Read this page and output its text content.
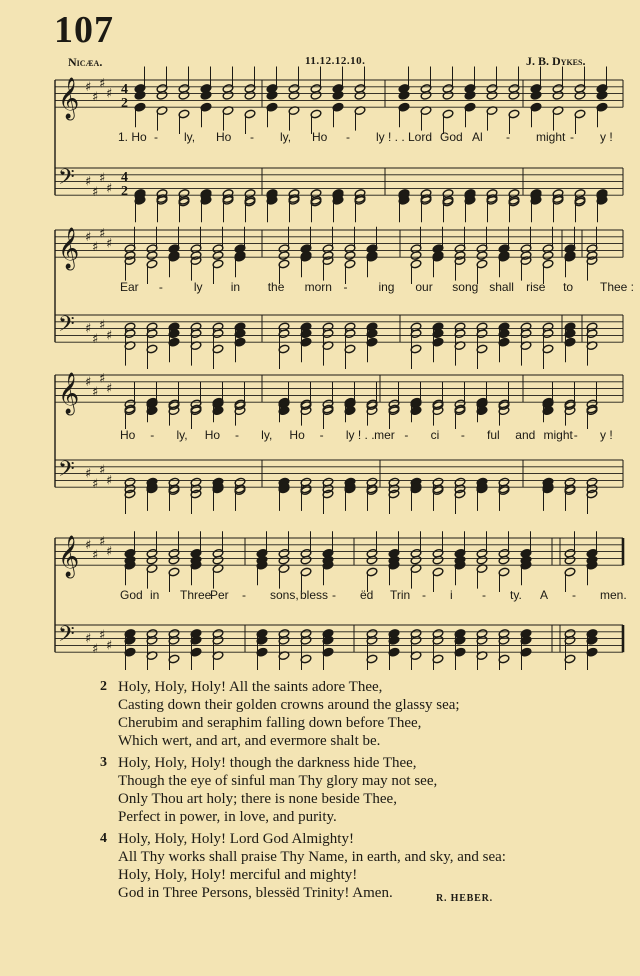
107
Nicæa.	11.12.12.10.	J. B. Dykes.
𝄞 ♯
♯
♯
♯ 4
2
𝄢 ♯
♯
♯
♯
4
2
𝄞 ♯
♯
♯
♯
𝄢 ♯
♯
♯
♯
𝄞 ♯
♯
♯
♯
𝄢 ♯
♯
♯
♯
𝄞 ♯
♯
♯
♯
𝄢 ♯
♯
♯
♯
1. Ho - ly, Ho - ly, Ho - ly ! . . Lord God Al - might - y !
Ear -	ly in the morn -	ing our song shall rise to Thee :
Ho - ly, Ho - ly, Ho - ly ! . . mer - ci - ful and might - y !
God in Three
Per - sons, bless - ëd Trin - i - ty. A - men.
2 Holy, Holy, Holy! All the saints adore Thee,
Casting down their golden crowns around the glassy sea;
Cherubim and seraphim falling down before Thee,
Which wert, and art, and evermore shalt be.
3 Holy, Holy, Holy! though the darkness hide Thee,
Though the eye of sinful man Thy glory may not see,
Only Thou art holy; there is none beside Thee,
Perfect in power, in love, and purity.
4 Holy, Holy, Holy! Lord God Almighty!
All Thy works shall praise Thy Name, in earth, and sky, and sea:
Holy, Holy, Holy! merciful and mighty!
God in Three Persons, blessëd Trinity! Amen.	R. HEBER.
